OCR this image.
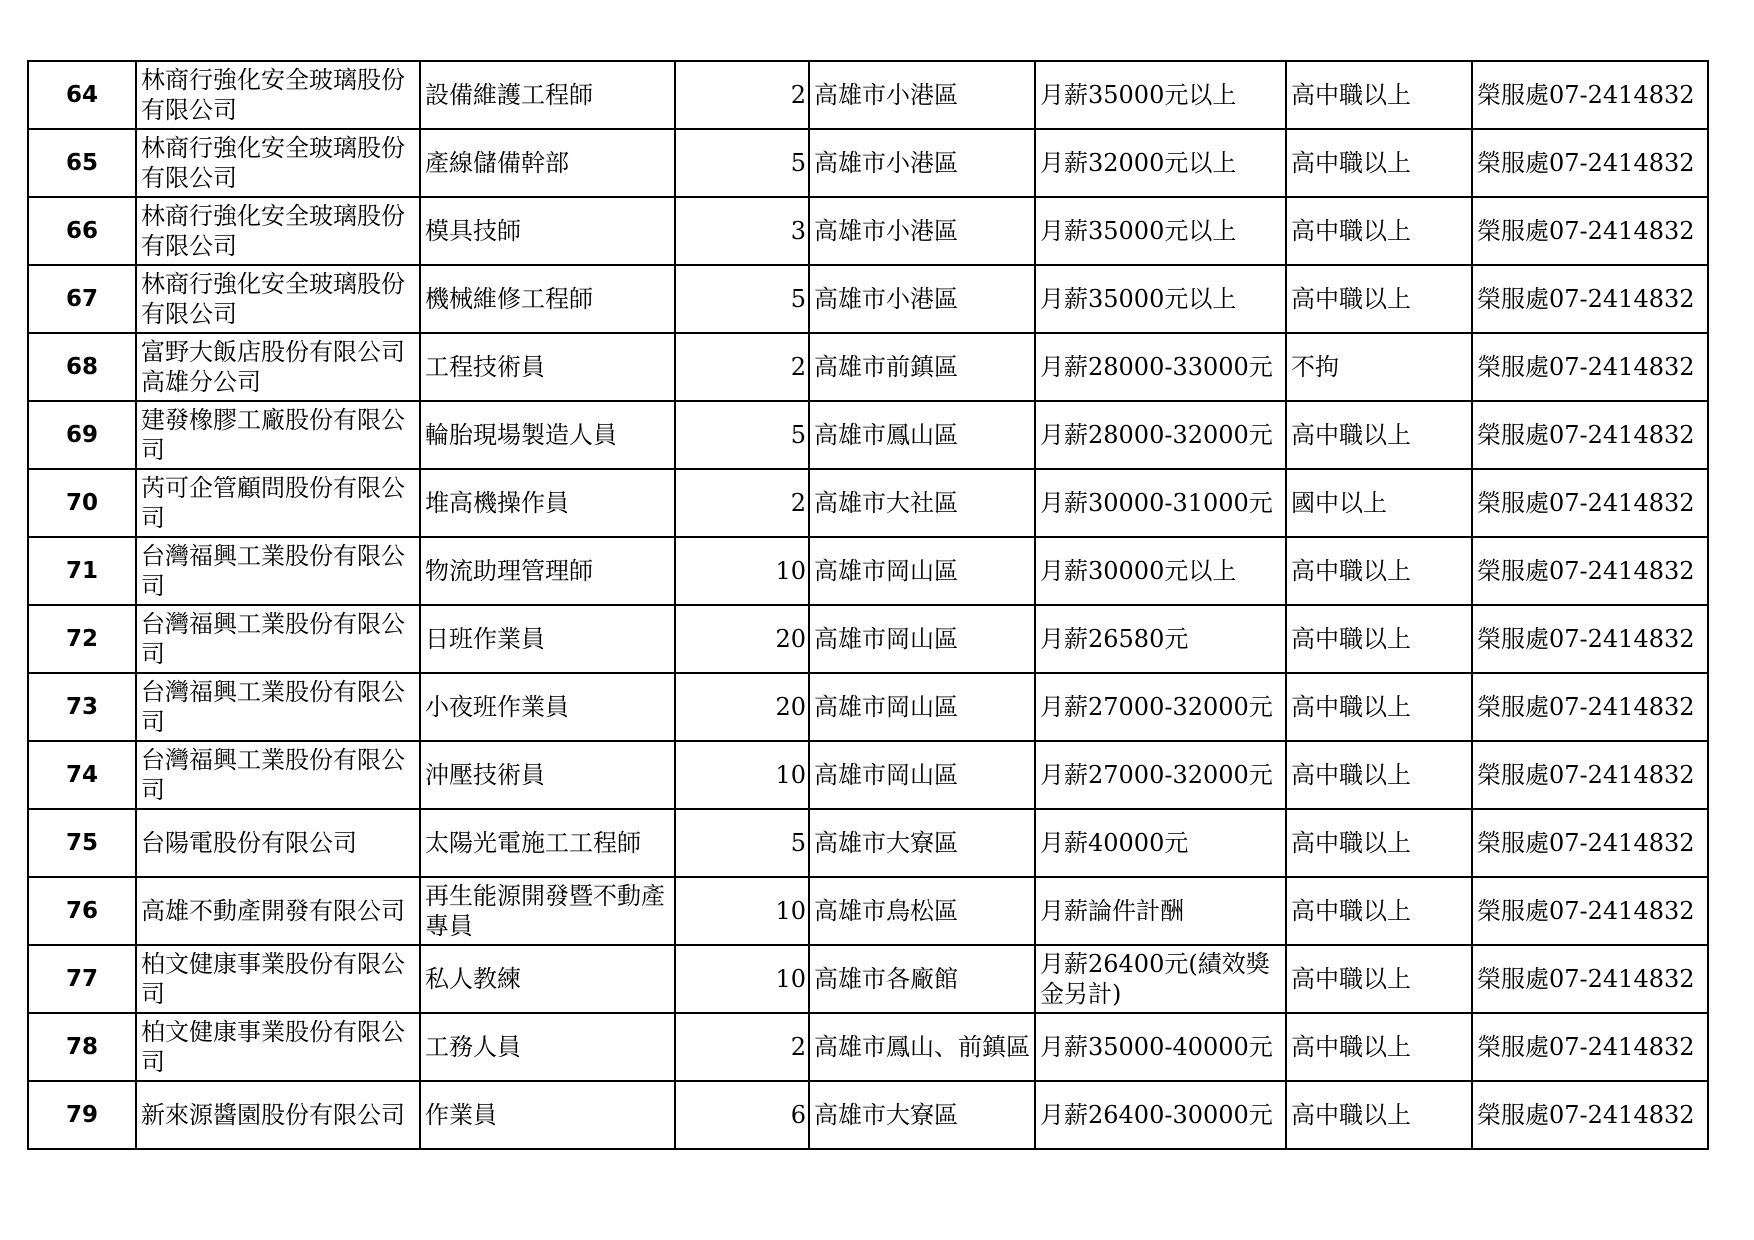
64	林商行強化安全玻璃股份有限公司	設備維護工程師	2	高雄市小港區	月薪35000元以上	高中職以上	榮服處07-2414832
65	林商行強化安全玻璃股份有限公司	產線儲備幹部	5	高雄市小港區	月薪32000元以上	高中職以上	榮服處07-2414832
66	林商行強化安全玻璃股份有限公司	模具技師	3	高雄市小港區	月薪35000元以上	高中職以上	榮服處07-2414832
67	林商行強化安全玻璃股份有限公司	機械維修工程師	5	高雄市小港區	月薪35000元以上	高中職以上	榮服處07-2414832
68	富野大飯店股份有限公司高雄分公司	工程技術員	2	高雄市前鎮區	月薪28000-33000元	不拘	榮服處07-2414832
69	建發橡膠工廠股份有限公司	輪胎現場製造人員	5	高雄市鳳山區	月薪28000-32000元	高中職以上	榮服處07-2414832
70	芮可企管顧問股份有限公司	堆高機操作員	2	高雄市大社區	月薪30000-31000元	國中以上	榮服處07-2414832
71	台灣福興工業股份有限公司	物流助理管理師	10	高雄市岡山區	月薪30000元以上	高中職以上	榮服處07-2414832
72	台灣福興工業股份有限公司	日班作業員	20	高雄市岡山區	月薪26580元	高中職以上	榮服處07-2414832
73	台灣福興工業股份有限公司	小夜班作業員	20	高雄市岡山區	月薪27000-32000元	高中職以上	榮服處07-2414832
74	台灣福興工業股份有限公司	沖壓技術員	10	高雄市岡山區	月薪27000-32000元	高中職以上	榮服處07-2414832
75	台陽電股份有限公司	太陽光電施工工程師	5	高雄市大寮區	月薪40000元	高中職以上	榮服處07-2414832
76	高雄不動產開發有限公司	再生能源開發暨不動產專員	10	高雄市鳥松區	月薪論件計酬	高中職以上	榮服處07-2414832
77	柏文健康事業股份有限公司	私人教練	10	高雄市各廠館	月薪26400元(績效獎金另計)	高中職以上	榮服處07-2414832
78	柏文健康事業股份有限公司	工務人員	2	高雄市鳳山、前鎮區	月薪35000-40000元	高中職以上	榮服處07-2414832
79	新來源醬園股份有限公司	作業員	6	高雄市大寮區	月薪26400-30000元	高中職以上	榮服處07-2414832
